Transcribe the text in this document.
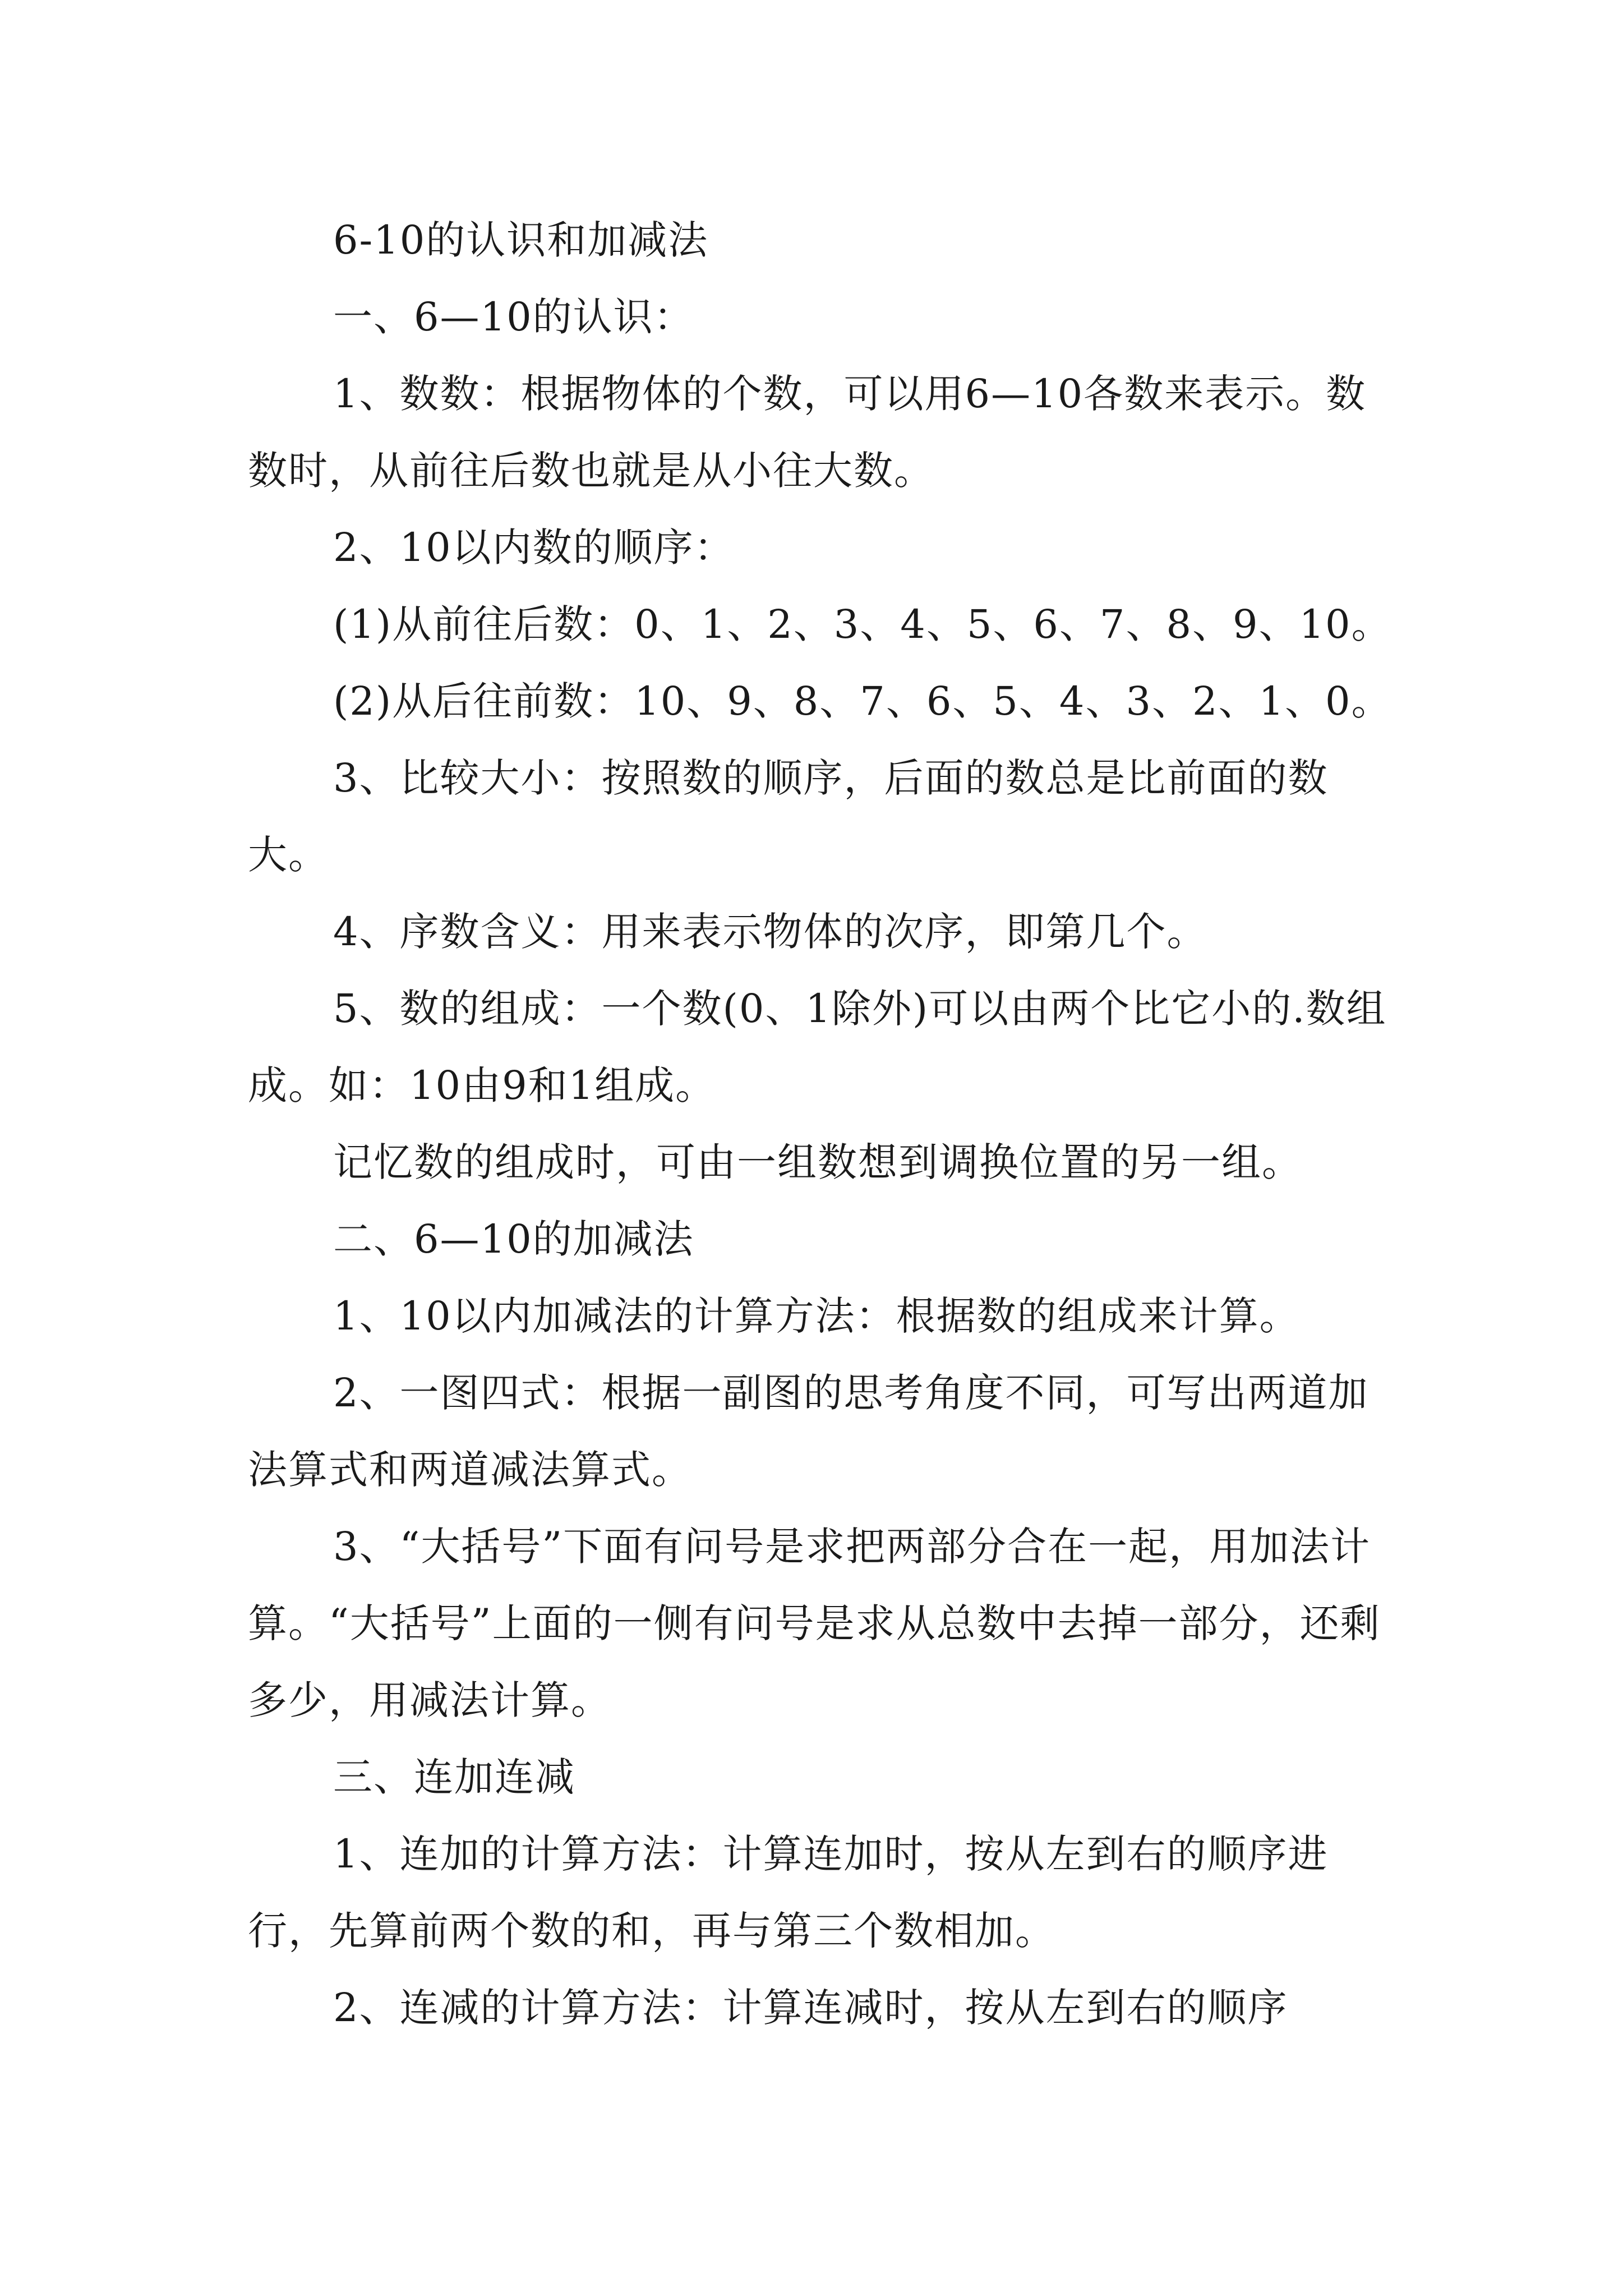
6-10的认识和加减法

一、6—10的认识：

1、数数：根据物体的个数，可以用6—10各数来表示。数数时，从前往后数也就是从小往大数。

2、10以内数的顺序：

(1)从前往后数：0、1、2、3、4、5、6、7、8、9、10。

(2)从后往前数：10、9、8、7、6、5、4、3、2、1、0。

3、比较大小：按照数的顺序，后面的数总是比前面的数大。

4、序数含义：用来表示物体的次序，即第几个。

5、数的组成：一个数(0、1除外)可以由两个比它小的.数组成。如：10由9和1组成。

记忆数的组成时，可由一组数想到调换位置的另一组。

二、6—10的加减法

1、10以内加减法的计算方法：根据数的组成来计算。

2、一图四式：根据一副图的思考角度不同，可写出两道加法算式和两道减法算式。

3、“大括号”下面有问号是求把两部分合在一起，用加法计算。“大括号”上面的一侧有问号是求从总数中去掉一部分，还剩多少，用减法计算。

三、连加连减

1、连加的计算方法：计算连加时，按从左到右的顺序进行，先算前两个数的和，再与第三个数相加。

2、连减的计算方法：计算连减时，按从左到右的顺序
